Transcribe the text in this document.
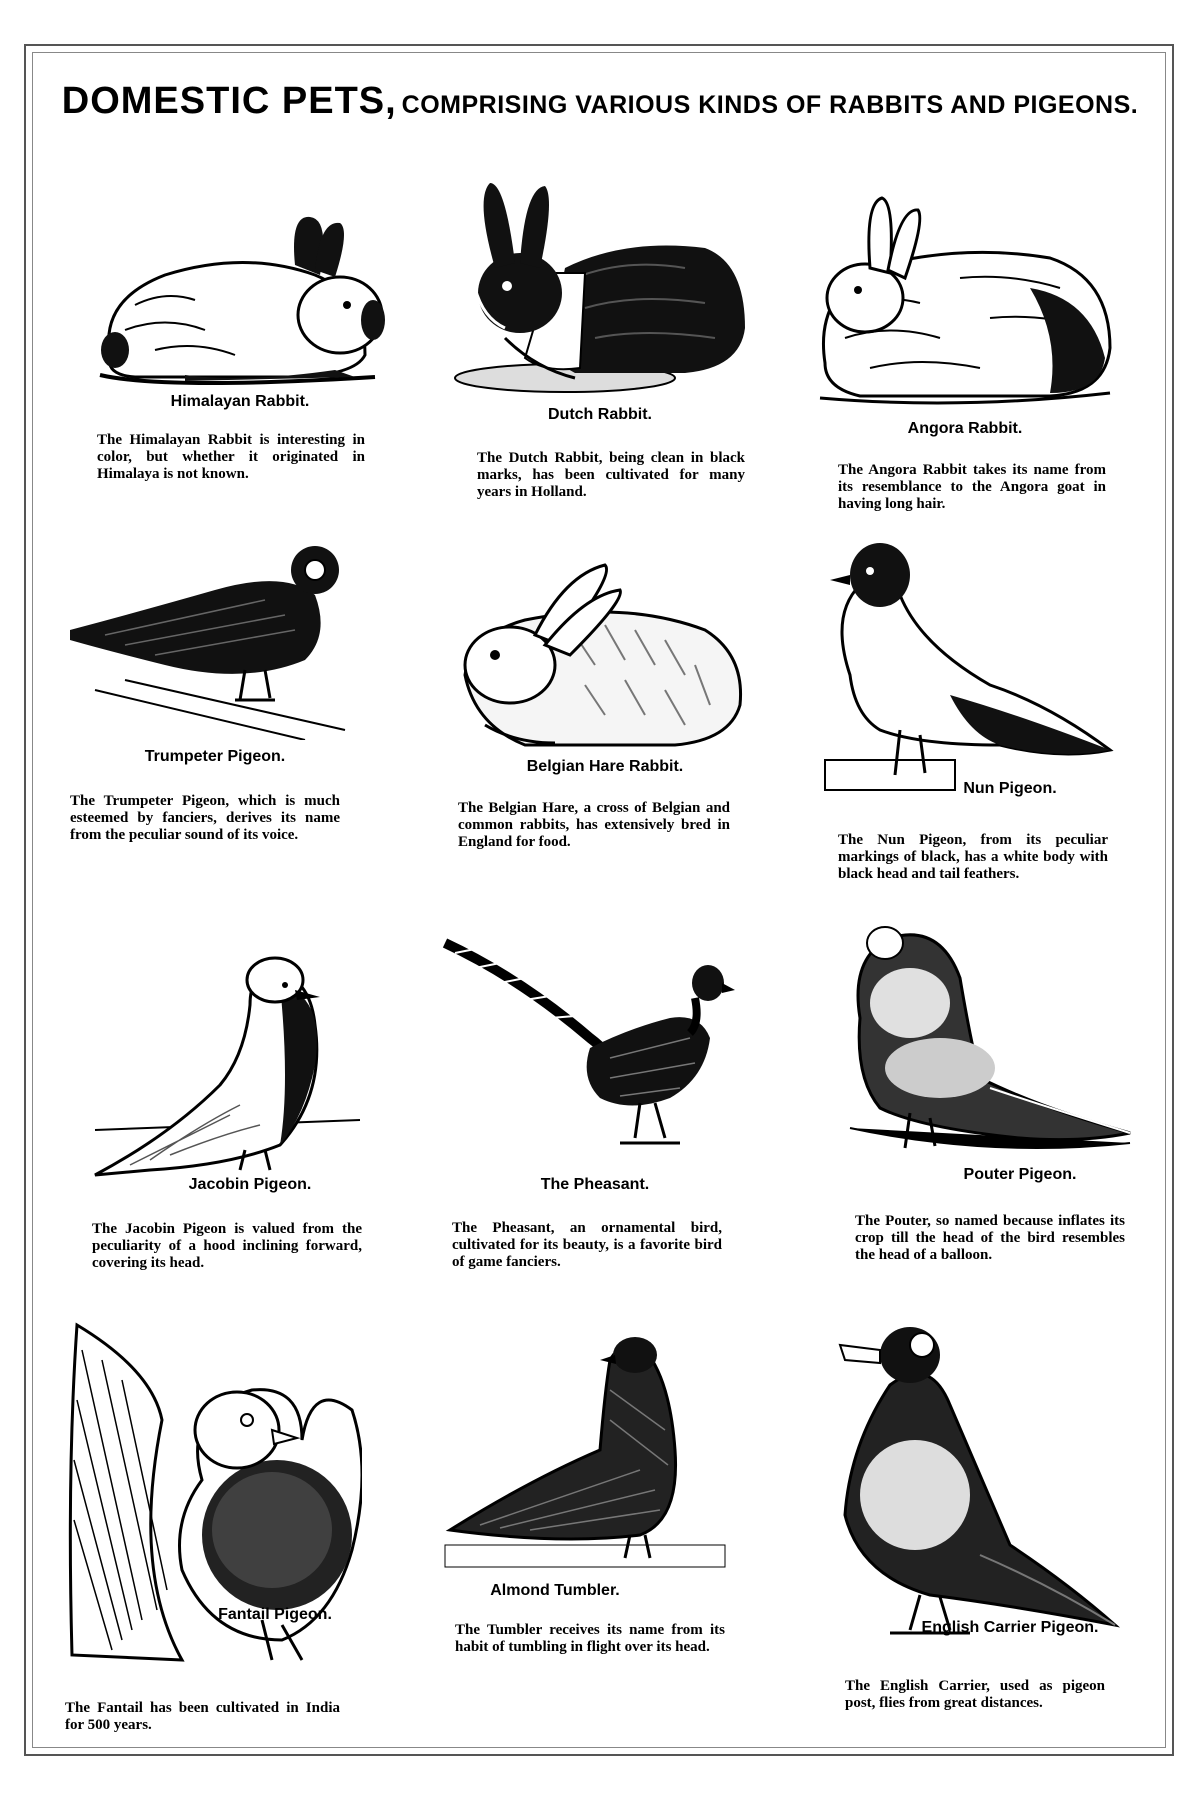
DOMESTIC PETS, COMPRISING VARIOUS KINDS OF RABBITS AND PIGEONS.
Himalayan Rabbit.
Dutch Rabbit.
Angora Rabbit.

The Himalayan Rabbit is interesting in color, but whether it originated in Himalaya is not known.

The Dutch Rabbit, being clean in black marks, has been cultivated for many years in Holland.

The Angora Rabbit takes its name from its resemblance to the Angora goat in having long hair.

Trumpeter Pigeon.
Belgian Hare Rabbit.
Nun Pigeon.

The Trumpeter Pigeon, which is much esteemed by fanciers, derives its name from the peculiar sound of its voice.

The Belgian Hare, a cross of Belgian and common rabbits, has extensively bred in England for food.	The Nun Pigeon, from its peculiar markings of black, has a white body with black head and tail feathers.

Jacobin Pigeon.	The Pheasant.
Pouter Pigeon.

The Jacobin Pigeon is valued from the peculiarity of a hood inclining forward, covering its head.

The Pheasant, an ornamental bird, cultivated for its beauty, is a favorite bird of game fanciers.

The Pouter, so named because inflates its crop till the head of the bird resembles the head of a balloon.

Fantail Pigeon.
Almond Tumbler.
English Carrier Pigeon.

The Fantail has been cultivated in India for 500 years.

The Tumbler receives its name from its habit of tumbling in flight over its head.

The English Carrier, used as pigeon post, flies from great distances.
